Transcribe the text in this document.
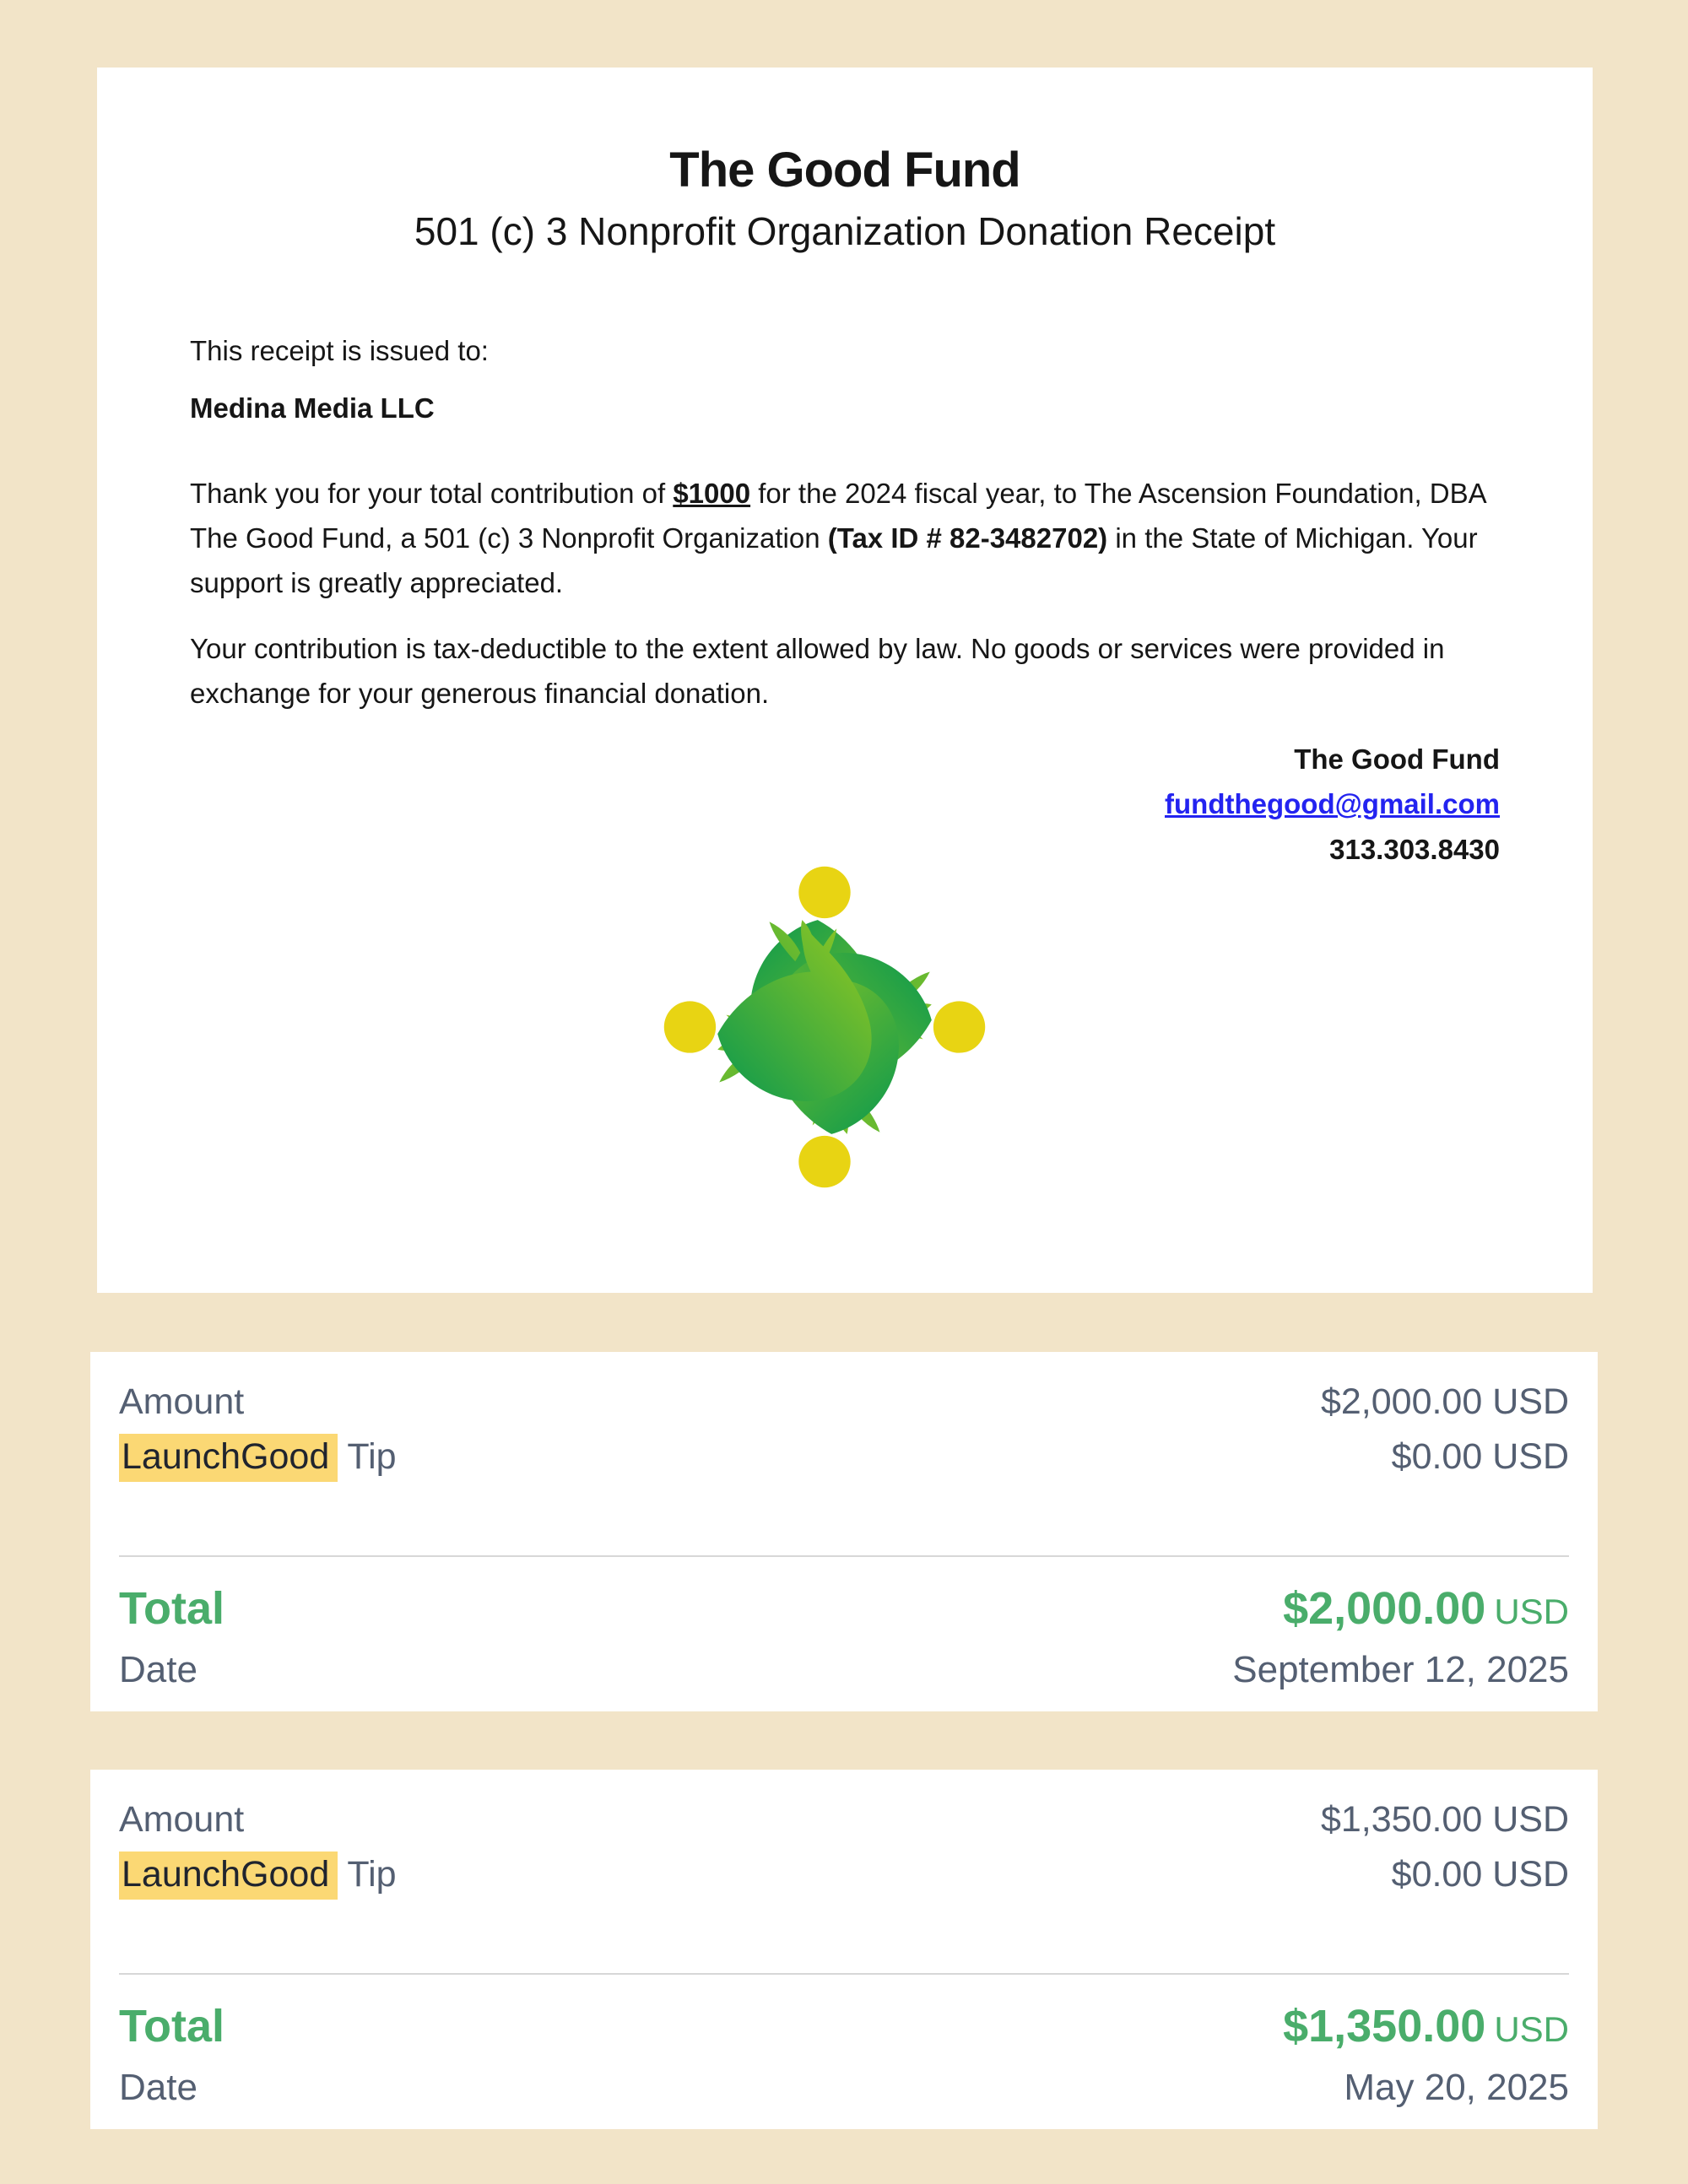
The Good Fund
501 (c) 3 Nonprofit Organization Donation Receipt
This receipt is issued to:
Medina Media LLC
Thank you for your total contribution of $1000 for the 2024 fiscal year, to The Ascension Foundation, DBA The Good Fund, a 501 (c) 3 Nonprofit Organization (Tax ID # 82-3482702) in the State of Michigan. Your support is greatly appreciated.
Your contribution is tax-deductible to the extent allowed by law. No goods or services were provided in exchange for your generous financial donation.
The Good Fund
fundthegood@gmail.com
313.303.8430
Amount	$2,000.00 USD
LaunchGood Tip	$0.00 USD
Total	$2,000.00 USD
Date	September 12, 2025
Amount	$1,350.00 USD
LaunchGood Tip	$0.00 USD
Total	$1,350.00 USD
Date	May 20, 2025
